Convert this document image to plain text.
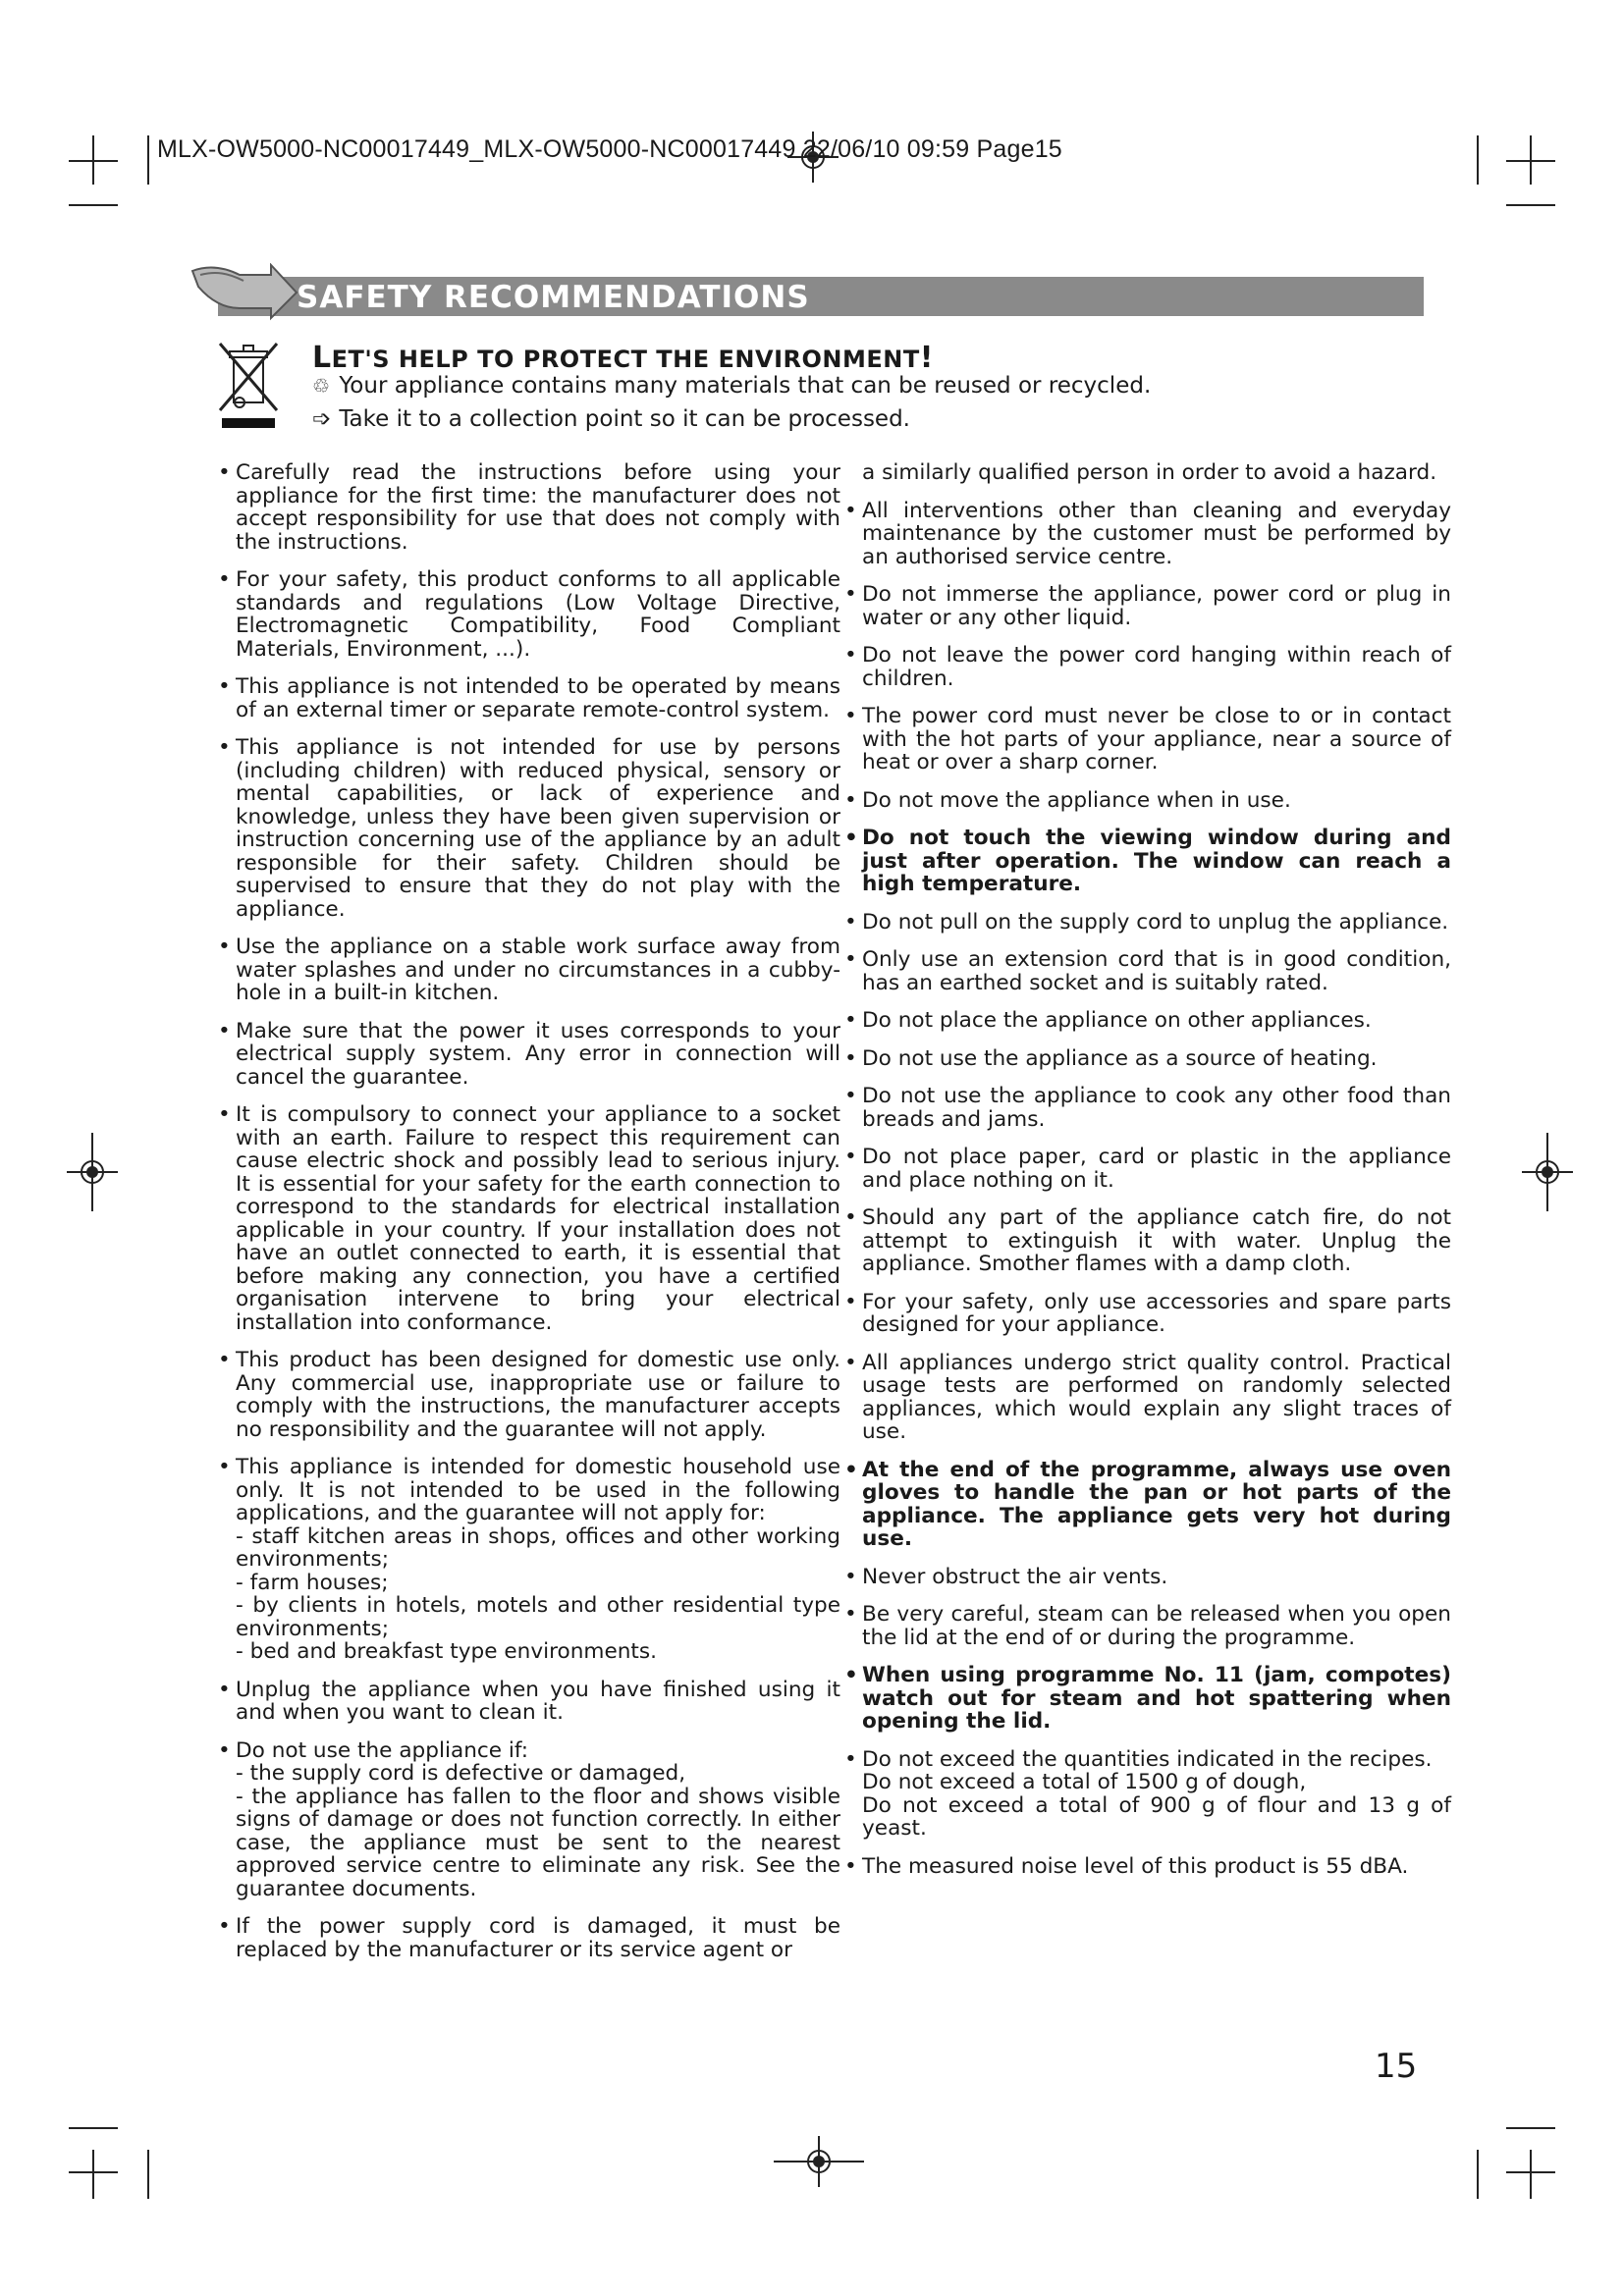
MLX-OW5000-NC00017449_MLX-OW5000-NC00017449 22/06/10 09:59 Page15
SAFETY RECOMMENDATIONS
LET'S HELP TO PROTECT THE ENVIRONMENT!
♲ Your appliance contains many materials that can be reused or recycled.
➩ Take it to a collection point so it can be processed.
• Carefully read the instructions before using your appliance for the first time: the manufacturer does not accept responsibility for use that does not comply with the instructions.
• For your safety, this product conforms to all applicable standards and regulations (Low Voltage Directive, Electromagnetic Compatibility, Food Compliant Materials, Environment, ...).
• This appliance is not intended to be operated by means of an external timer or separate remote-control system.
• This appliance is not intended for use by persons (including children) with reduced physical, sensory or mental capabilities, or lack of experience and knowledge, unless they have been given supervision or instruction concerning use of the appliance by an adult responsible for their safety. Children should be supervised to ensure that they do not play with the appliance.
• Use the appliance on a stable work surface away from water splashes and under no circumstances in a cubby-hole in a built-in kitchen.
• Make sure that the power it uses corresponds to your electrical supply system. Any error in connection will cancel the guarantee.
• It is compulsory to connect your appliance to a socket with an earth. Failure to respect this requirement can cause electric shock and possibly lead to serious injury. It is essential for your safety for the earth connection to correspond to the standards for electrical installation applicable in your country. If your installation does not have an outlet connected to earth, it is essential that before making any connection, you have a certified organisation intervene to bring your electrical installation into conformance.
• This product has been designed for domestic use only. Any commercial use, inappropriate use or failure to comply with the instructions, the manufacturer accepts no responsibility and the guarantee will not apply.
• This appliance is intended for domestic household use only. It is not intended to be used in the following applications, and the guarantee will not apply for:
- staff kitchen areas in shops, offices and other working environments;
- farm houses;
- by clients in hotels, motels and other residential type environments;
- bed and breakfast type environments.
• Unplug the appliance when you have finished using it and when you want to clean it.
• Do not use the appliance if:
- the supply cord is defective or damaged,
- the appliance has fallen to the floor and shows visible signs of damage or does not function correctly. In either case, the appliance must be sent to the nearest approved service centre to eliminate any risk. See the guarantee documents.
• If the power supply cord is damaged, it must be replaced by the manufacturer or its service agent or
a similarly qualified person in order to avoid a hazard.
• All interventions other than cleaning and everyday maintenance by the customer must be performed by an authorised service centre.
• Do not immerse the appliance, power cord or plug in water or any other liquid.
• Do not leave the power cord hanging within reach of children.
• The power cord must never be close to or in contact with the hot parts of your appliance, near a source of heat or over a sharp corner.
• Do not move the appliance when in use.
• Do not touch the viewing window during and just after operation. The window can reach a high temperature.
• Do not pull on the supply cord to unplug the appliance.
• Only use an extension cord that is in good condition, has an earthed socket and is suitably rated.
• Do not place the appliance on other appliances.
• Do not use the appliance as a source of heating.
• Do not use the appliance to cook any other food than breads and jams.
• Do not place paper, card or plastic in the appliance and place nothing on it.
• Should any part of the appliance catch fire, do not attempt to extinguish it with water. Unplug the appliance. Smother flames with a damp cloth.
• For your safety, only use accessories and spare parts designed for your appliance.
• All appliances undergo strict quality control. Practical usage tests are performed on randomly selected appliances, which would explain any slight traces of use.
• At the end of the programme, always use oven gloves to handle the pan or hot parts of the appliance. The appliance gets very hot during use.
• Never obstruct the air vents.
• Be very careful, steam can be released when you open the lid at the end of or during the programme.
• When using programme No. 11 (jam, compotes) watch out for steam and hot spattering when opening the lid.
• Do not exceed the quantities indicated in the recipes.
Do not exceed a total of 1500 g of dough,
Do not exceed a total of 900 g of flour and 13 g of yeast.
• The measured noise level of this product is 55 dBA.
15
